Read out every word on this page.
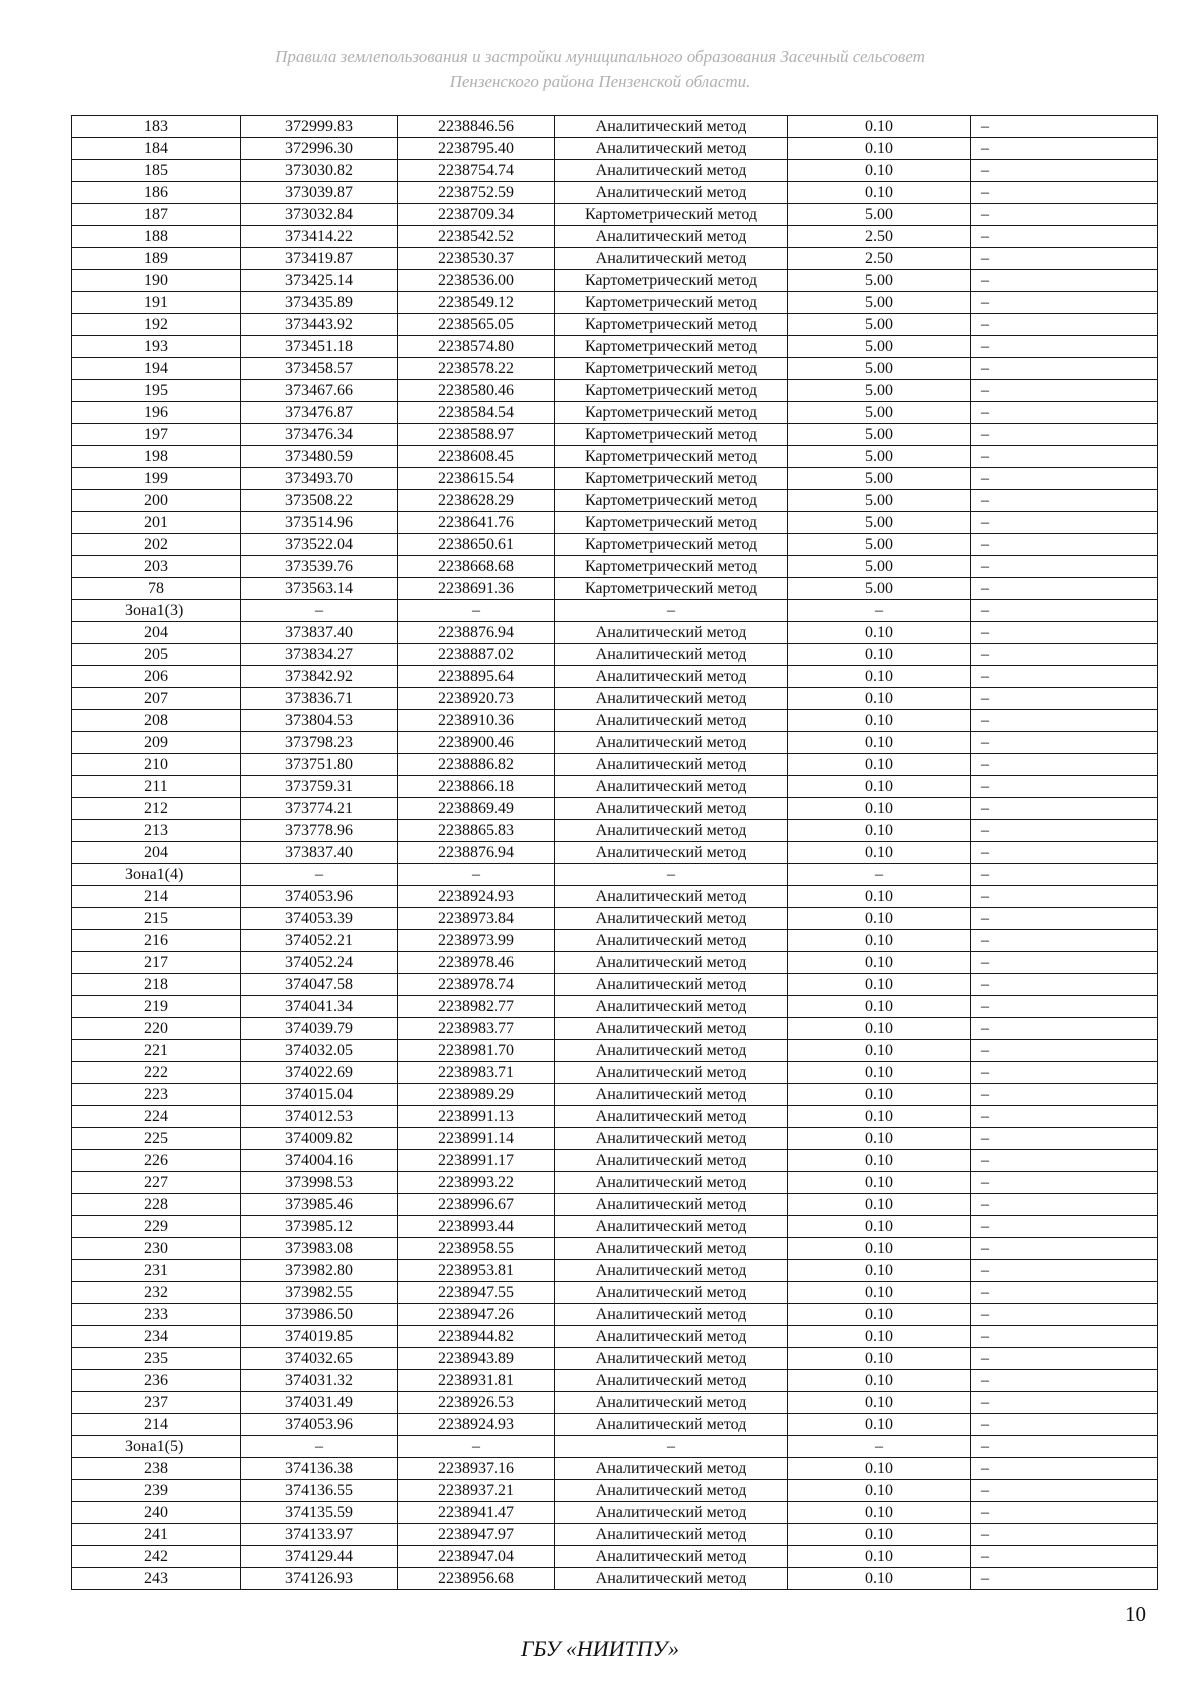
Правила землепользования и застройки муниципального образования Засечный сельсовет
Пензенского района Пензенской области.
183	372999.83	2238846.56	Аналитический метод	0.10	–
184	372996.30	2238795.40	Аналитический метод	0.10	–
185	373030.82	2238754.74	Аналитический метод	0.10	–
186	373039.87	2238752.59	Аналитический метод	0.10	–
187	373032.84	2238709.34	Картометрический метод	5.00	–
188	373414.22	2238542.52	Аналитический метод	2.50	–
189	373419.87	2238530.37	Аналитический метод	2.50	–
190	373425.14	2238536.00	Картометрический метод	5.00	–
191	373435.89	2238549.12	Картометрический метод	5.00	–
192	373443.92	2238565.05	Картометрический метод	5.00	–
193	373451.18	2238574.80	Картометрический метод	5.00	–
194	373458.57	2238578.22	Картометрический метод	5.00	–
195	373467.66	2238580.46	Картометрический метод	5.00	–
196	373476.87	2238584.54	Картометрический метод	5.00	–
197	373476.34	2238588.97	Картометрический метод	5.00	–
198	373480.59	2238608.45	Картометрический метод	5.00	–
199	373493.70	2238615.54	Картометрический метод	5.00	–
200	373508.22	2238628.29	Картометрический метод	5.00	–
201	373514.96	2238641.76	Картометрический метод	5.00	–
202	373522.04	2238650.61	Картометрический метод	5.00	–
203	373539.76	2238668.68	Картометрический метод	5.00	–
78	373563.14	2238691.36	Картометрический метод	5.00	–
Зона1(3)	–	–	–	–	–
204	373837.40	2238876.94	Аналитический метод	0.10	–
205	373834.27	2238887.02	Аналитический метод	0.10	–
206	373842.92	2238895.64	Аналитический метод	0.10	–
207	373836.71	2238920.73	Аналитический метод	0.10	–
208	373804.53	2238910.36	Аналитический метод	0.10	–
209	373798.23	2238900.46	Аналитический метод	0.10	–
210	373751.80	2238886.82	Аналитический метод	0.10	–
211	373759.31	2238866.18	Аналитический метод	0.10	–
212	373774.21	2238869.49	Аналитический метод	0.10	–
213	373778.96	2238865.83	Аналитический метод	0.10	–
204	373837.40	2238876.94	Аналитический метод	0.10	–
Зона1(4)	–	–	–	–	–
214	374053.96	2238924.93	Аналитический метод	0.10	–
215	374053.39	2238973.84	Аналитический метод	0.10	–
216	374052.21	2238973.99	Аналитический метод	0.10	–
217	374052.24	2238978.46	Аналитический метод	0.10	–
218	374047.58	2238978.74	Аналитический метод	0.10	–
219	374041.34	2238982.77	Аналитический метод	0.10	–
220	374039.79	2238983.77	Аналитический метод	0.10	–
221	374032.05	2238981.70	Аналитический метод	0.10	–
222	374022.69	2238983.71	Аналитический метод	0.10	–
223	374015.04	2238989.29	Аналитический метод	0.10	–
224	374012.53	2238991.13	Аналитический метод	0.10	–
225	374009.82	2238991.14	Аналитический метод	0.10	–
226	374004.16	2238991.17	Аналитический метод	0.10	–
227	373998.53	2238993.22	Аналитический метод	0.10	–
228	373985.46	2238996.67	Аналитический метод	0.10	–
229	373985.12	2238993.44	Аналитический метод	0.10	–
230	373983.08	2238958.55	Аналитический метод	0.10	–
231	373982.80	2238953.81	Аналитический метод	0.10	–
232	373982.55	2238947.55	Аналитический метод	0.10	–
233	373986.50	2238947.26	Аналитический метод	0.10	–
234	374019.85	2238944.82	Аналитический метод	0.10	–
235	374032.65	2238943.89	Аналитический метод	0.10	–
236	374031.32	2238931.81	Аналитический метод	0.10	–
237	374031.49	2238926.53	Аналитический метод	0.10	–
214	374053.96	2238924.93	Аналитический метод	0.10	–
Зона1(5)	–	–	–	–	–
238	374136.38	2238937.16	Аналитический метод	0.10	–
239	374136.55	2238937.21	Аналитический метод	0.10	–
240	374135.59	2238941.47	Аналитический метод	0.10	–
241	374133.97	2238947.97	Аналитический метод	0.10	–
242	374129.44	2238947.04	Аналитический метод	0.10	–
243	374126.93	2238956.68	Аналитический метод	0.10	–
10
ГБУ «НИИТПУ»
